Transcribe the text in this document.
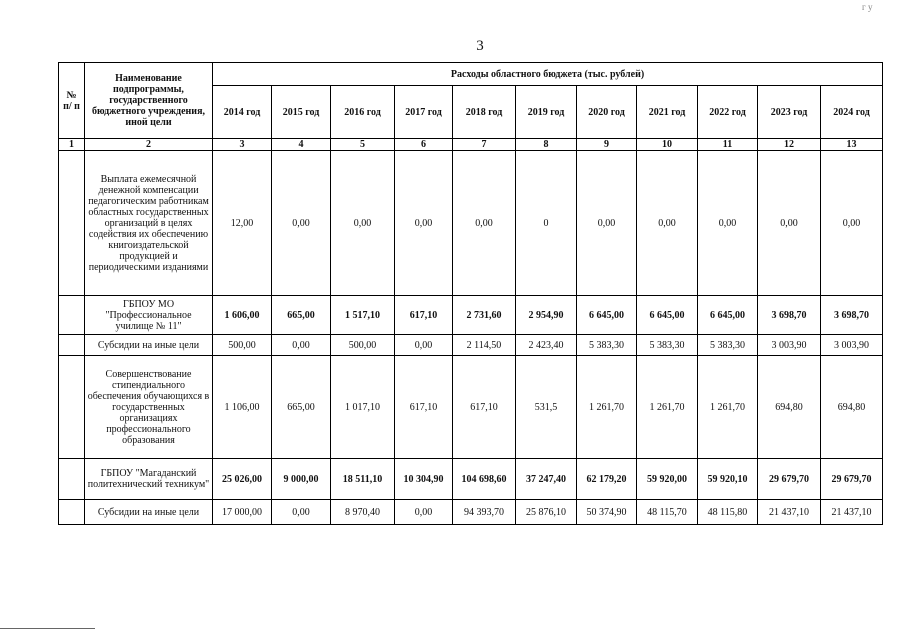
3
г у
№ п/ п	Наименование подпрограммы, государственного бюджетного учреждения, иной цели	Расходы областного бюджета (тыс. рублей)										
		2014 год	2015 год	2016 год	2017 год	2018 год	2019 год	2020 год	2021 год	2022 год	2023 год	2024 год
1	2	3	4	5	6	7	8	9	10	11	12	13
	Выплата ежемесячной денежной компенсации педагогическим работникам областных государственных организаций в целях содействия их обеспечению книгоиздательской продукцией и периодическими изданиями	12,00	0,00	0,00	0,00	0,00	0	0,00	0,00	0,00	0,00	0,00
	ГБПОУ МО "Профессиональное училище № 11"	1 606,00	665,00	1 517,10	617,10	2 731,60	2 954,90	6 645,00	6 645,00	6 645,00	3 698,70	3 698,70
	Субсидии на иные цели	500,00	0,00	500,00	0,00	2 114,50	2 423,40	5 383,30	5 383,30	5 383,30	3 003,90	3 003,90
	Совершенствование стипендиального обеспечения обучающихся в государственных организациях профессионального образования	1 106,00	665,00	1 017,10	617,10	617,10	531,5	1 261,70	1 261,70	1 261,70	694,80	694,80
	ГБПОУ "Магаданский политехнический техникум"	25 026,00	9 000,00	18 511,10	10 304,90	104 698,60	37 247,40	62 179,20	59 920,00	59 920,10	29 679,70	29 679,70
	Субсидии на иные цели	17 000,00	0,00	8 970,40	0,00	94 393,70	25 876,10	50 374,90	48 115,70	48 115,80	21 437,10	21 437,10
